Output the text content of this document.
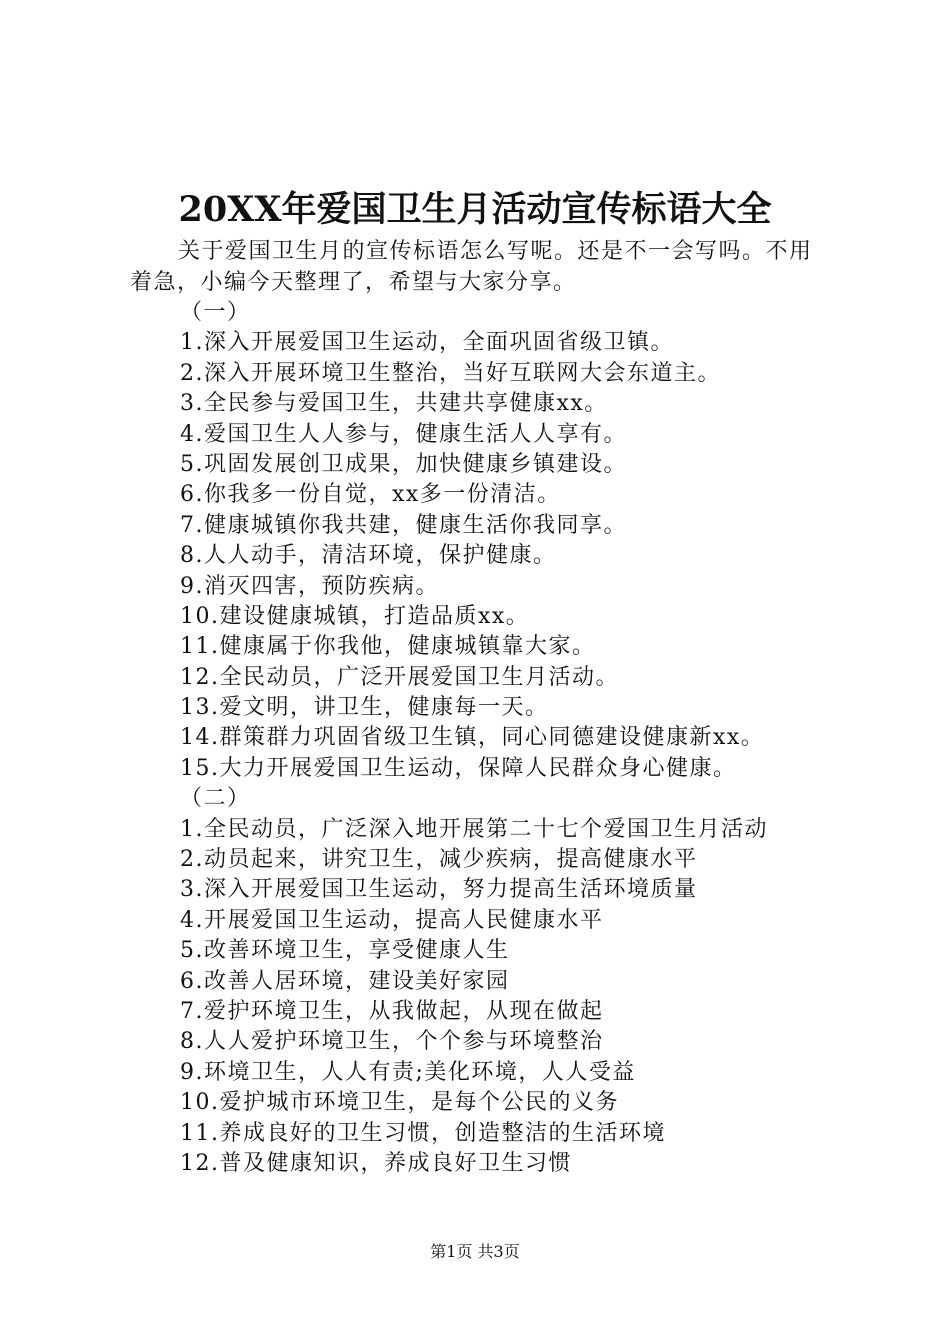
20XX年爱国卫生月活动宣传标语大全
关于爱国卫生月的宣传标语怎么写呢。还是不一会写吗。不用着急，小编今天整理了，希望与大家分享。
（一）
1.深入开展爱国卫生运动，全面巩固省级卫镇。
2.深入开展环境卫生整治，当好互联网大会东道主。
3.全民参与爱国卫生，共建共享健康xx。
4.爱国卫生人人参与，健康生活人人享有。
5.巩固发展创卫成果，加快健康乡镇建设。
6.你我多一份自觉，xx多一份清洁。
7.健康城镇你我共建，健康生活你我同享。
8.人人动手，清洁环境，保护健康。
9.消灭四害，预防疾病。
10.建设健康城镇，打造品质xx。
11.健康属于你我他，健康城镇靠大家。
12.全民动员，广泛开展爱国卫生月活动。
13.爱文明，讲卫生，健康每一天。
14.群策群力巩固省级卫生镇，同心同德建设健康新xx。
15.大力开展爱国卫生运动，保障人民群众身心健康。
（二）
1.全民动员，广泛深入地开展第二十七个爱国卫生月活动
2.动员起来，讲究卫生，减少疾病，提高健康水平
3.深入开展爱国卫生运动，努力提高生活环境质量
4.开展爱国卫生运动，提高人民健康水平
5.改善环境卫生，享受健康人生
6.改善人居环境，建设美好家园
7.爱护环境卫生，从我做起，从现在做起
8.人人爱护环境卫生，个个参与环境整治
9.环境卫生，人人有责;美化环境，人人受益
10.爱护城市环境卫生，是每个公民的义务
11.养成良好的卫生习惯，创造整洁的生活环境
12.普及健康知识，养成良好卫生习惯
第1页 共3页
